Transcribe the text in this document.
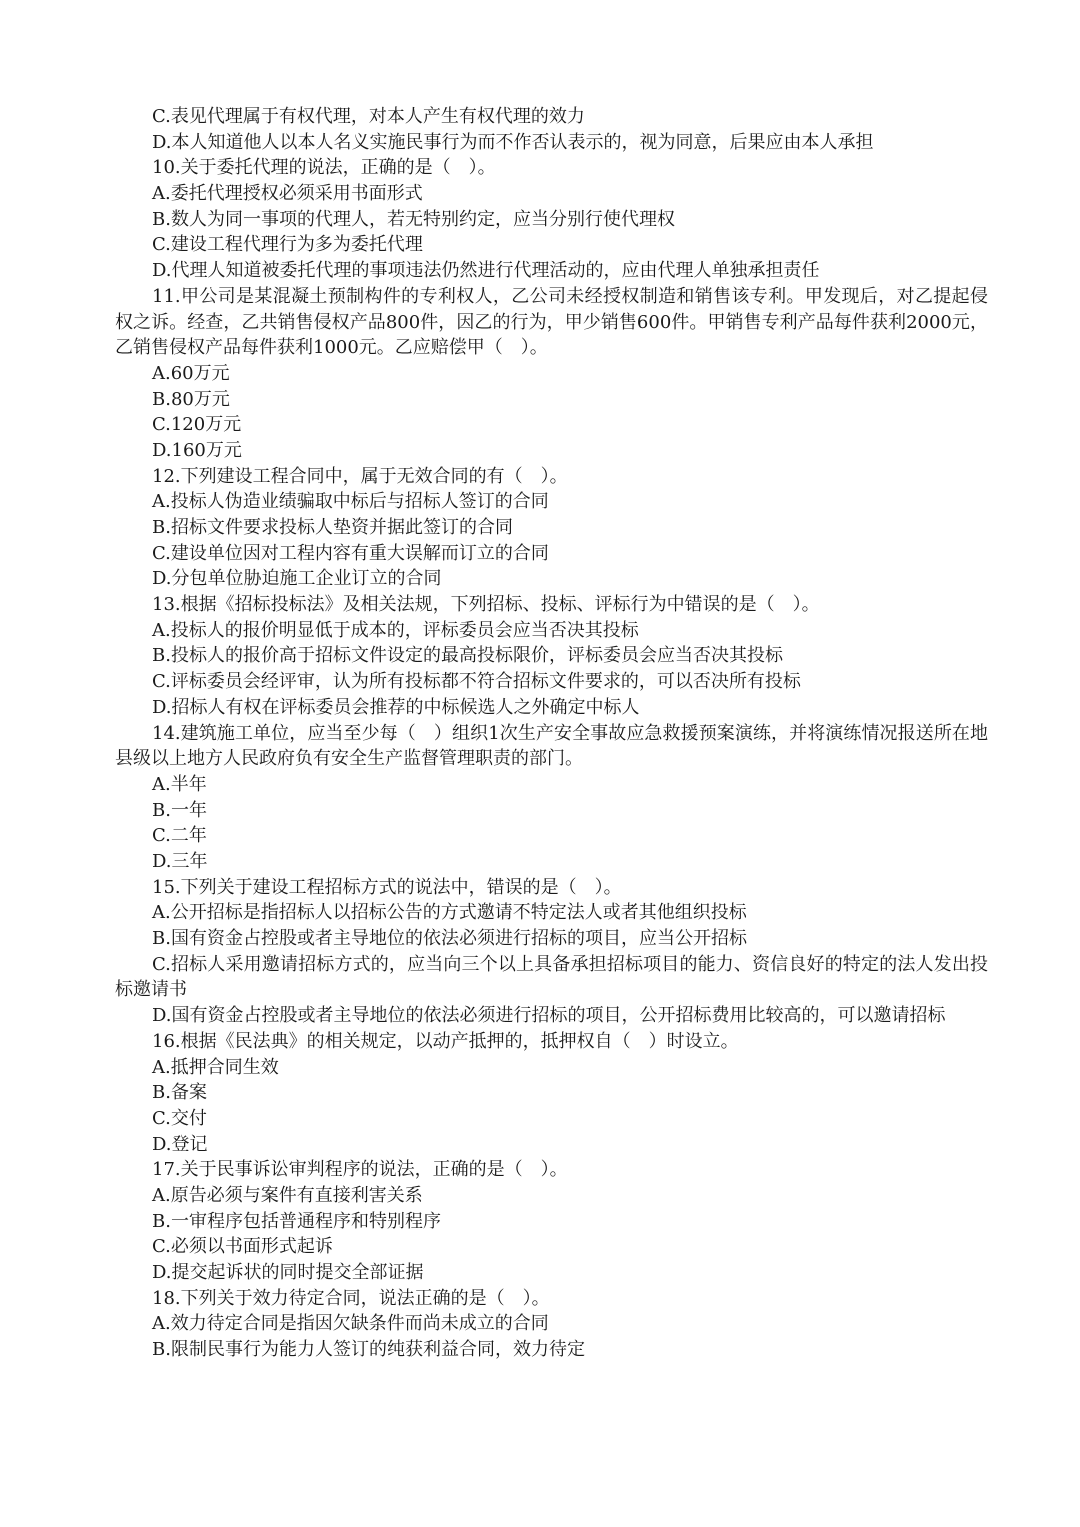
C.表见代理属于有权代理，对本人产生有权代理的效力
D.本人知道他人以本人名义实施民事行为而不作否认表示的，视为同意，后果应由本人承担
10.关于委托代理的说法，正确的是（　）。
A.委托代理授权必须采用书面形式
B.数人为同一事项的代理人，若无特别约定，应当分别行使代理权
C.建设工程代理行为多为委托代理
D.代理人知道被委托代理的事项违法仍然进行代理活动的，应由代理人单独承担责任
11.甲公司是某混凝土预制构件的专利权人，乙公司未经授权制造和销售该专利。甲发现后，对乙提起侵权之诉。经查，乙共销售侵权产品800件，因乙的行为，甲少销售600件。甲销售专利产品每件获利2000元，乙销售侵权产品每件获利1000元。乙应赔偿甲（　）。
A.60万元
B.80万元
C.120万元
D.160万元
12.下列建设工程合同中，属于无效合同的有（　）。
A.投标人伪造业绩骗取中标后与招标人签订的合同
B.招标文件要求投标人垫资并据此签订的合同
C.建设单位因对工程内容有重大误解而订立的合同
D.分包单位胁迫施工企业订立的合同
13.根据《招标投标法》及相关法规，下列招标、投标、评标行为中错误的是（　）。
A.投标人的报价明显低于成本的，评标委员会应当否决其投标
B.投标人的报价高于招标文件设定的最高投标限价，评标委员会应当否决其投标
C.评标委员会经评审，认为所有投标都不符合招标文件要求的，可以否决所有投标
D.招标人有权在评标委员会推荐的中标候选人之外确定中标人
14.建筑施工单位，应当至少每（　）组织1次生产安全事故应急救援预案演练，并将演练情况报送所在地县级以上地方人民政府负有安全生产监督管理职责的部门。
A.半年
B.一年
C.二年
D.三年
15.下列关于建设工程招标方式的说法中，错误的是（　）。
A.公开招标是指招标人以招标公告的方式邀请不特定法人或者其他组织投标
B.国有资金占控股或者主导地位的依法必须进行招标的项目，应当公开招标
C.招标人采用邀请招标方式的，应当向三个以上具备承担招标项目的能力、资信良好的特定的法人发出投标邀请书
D.国有资金占控股或者主导地位的依法必须进行招标的项目，公开招标费用比较高的，可以邀请招标
16.根据《民法典》的相关规定，以动产抵押的，抵押权自（　）时设立。
A.抵押合同生效
B.备案
C.交付
D.登记
17.关于民事诉讼审判程序的说法，正确的是（　）。
A.原告必须与案件有直接利害关系
B.一审程序包括普通程序和特别程序
C.必须以书面形式起诉
D.提交起诉状的同时提交全部证据
18.下列关于效力待定合同，说法正确的是（　）。
A.效力待定合同是指因欠缺条件而尚未成立的合同
B.限制民事行为能力人签订的纯获利益合同，效力待定
